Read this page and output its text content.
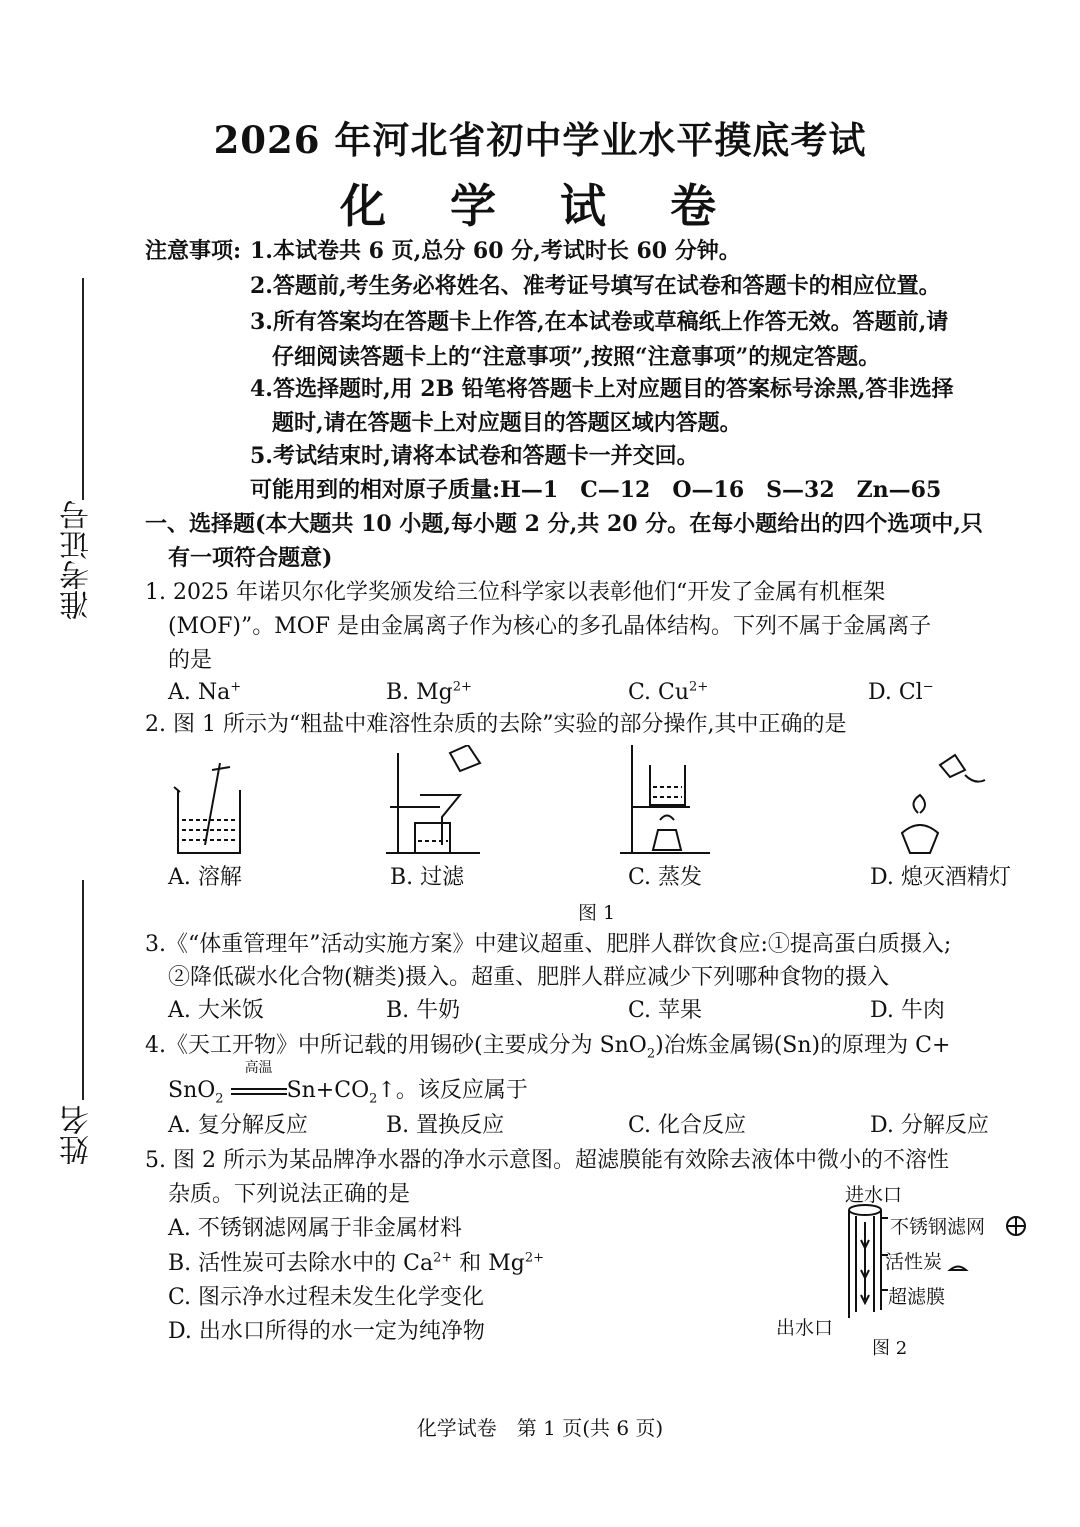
2026 年河北省初中学业水平摸底考试
化 学 试 卷
准考证号
姓名
注意事项: 1.本试卷共 6 页,总分 60 分,考试时长 60 分钟。
2.答题前,考生务必将姓名、准考证号填写在试卷和答题卡的相应位置。
3.所有答案均在答题卡上作答,在本试卷或草稿纸上作答无效。答题前,请
仔细阅读答题卡上的“注意事项”,按照“注意事项”的规定答题。
4.答选择题时,用 2B 铅笔将答题卡上对应题目的答案标号涂黑,答非选择
题时,请在答题卡上对应题目的答题区域内答题。
5.考试结束时,请将本试卷和答题卡一并交回。
可能用到的相对原子质量:H—1　C—12　O—16　S—32　Zn—65
一、选择题(本大题共 10 小题,每小题 2 分,共 20 分。在每小题给出的四个选项中,只
有一项符合题意)
1. 2025 年诺贝尔化学奖颁发给三位科学家以表彰他们“开发了金属有机框架
(MOF)”。MOF 是由金属离子作为核心的多孔晶体结构。下列不属于金属离子
的是
A. Na+	B. $Mg^{2+}$	C. $Cu^{2+}$	D. Cl−
2. 图 1 所示为“粗盐中难溶性杂质的去除”实验的部分操作,其中正确的是
A. 溶解	B. 过滤	C. 蒸发	D. 熄灭酒精灯
图 1
3.《“体重管理年”活动实施方案》中建议超重、肥胖人群饮食应:①提高蛋白质摄入;
②降低碳水化合物(糖类)摄入。超重、肥胖人群应减少下列哪种食物的摄入
A. 大米饭	B. 牛奶	C. 苹果	D. 牛肉
4.《天工开物》中所记载的用锡砂(主要成分为 SnO$_2$)冶炼金属锡(Sn)的原理为 C+
SnO$_2$
高温
$Sn+CO_2↑$。该反应属于
A. 复分解反应	B. 置换反应	C. 化合反应	D. 分解反应
5. 图 2 所示为某品牌净水器的净水示意图。超滤膜能有效除去液体中微小的不溶性
杂质。下列说法正确的是
A. 不锈钢滤网属于非金属材料
B. 活性炭可去除水中的 $Ca^{2+}$ 和 $Mg^{2+}$
C. 图示净水过程未发生化学变化
D. 出水口所得的水一定为纯净物
进水口
不锈钢滤网
活性炭
超滤膜
出水口
图 2
化学试卷　第 1 页(共 6 页)
